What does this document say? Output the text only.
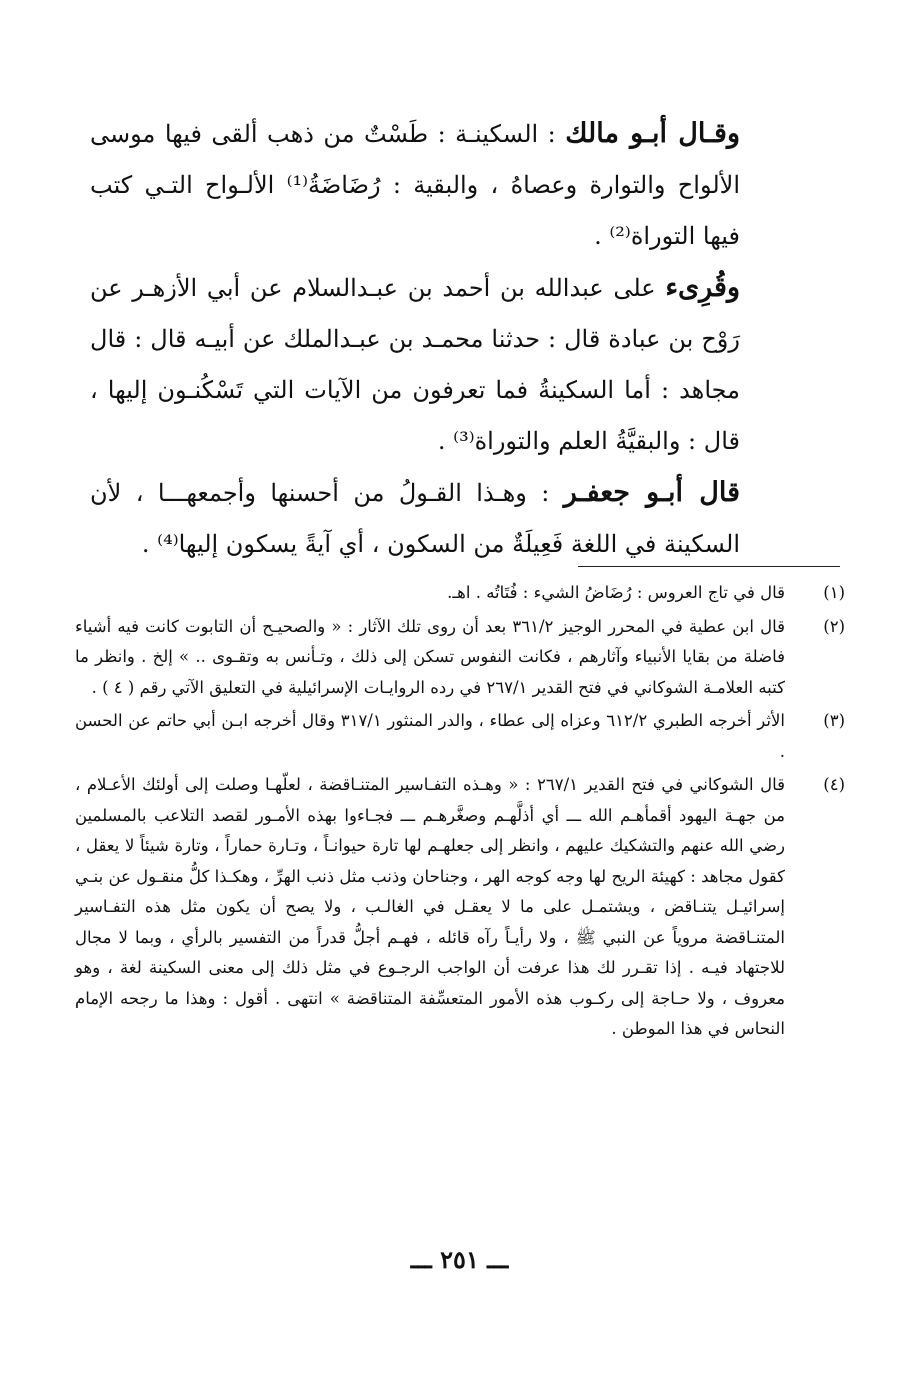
وقـال أبـو مالك : السكينـة : طَسْتٌ من ذهب ألقى فيها موسى الألواح والتوارة وعصاهُ ، والبقية : رُضَاضَةُ⁽¹⁾ الألـواح التـي كتب فيها التوراة⁽²⁾ .

وقُرِىء على عبدالله بن أحمد بن عبـدالسلام عن أبي الأزهـر عن رَوْح بن عبادة قال : حدثنا محمـد بن عبـدالملك عن أبيـه قال : قال مجاهد : أما السكينةُ فما تعرفون من الآيات التي تَسْكُنـون إليها ، قال : والبقيَّةُ العلم والتوراة⁽³⁾ .

قال أبـو جعفـر : وهـذا القـولُ من أحسنها وأجمعهـــا ، لأن السكينة في اللغة فَعِيلَةٌ من السكون ، أي آيةً يسكون إليها⁽⁴⁾ .

(١)
قال في تاج العروس : رُضَاضُ الشيء : فُتَاتُه . اهـ.
(٢)
قال ابن عطية في المحرر الوجيز ٣٦١/٢ بعد أن روى تلك الآثار : « والصحيـح أن التابوت كانت فيه أشياء فاضلة من بقايا الأنبياء وآثارهم ، فكانت النفوس تسكن إلى ذلك ، وتـأنس به وتقـوى .. » إلخ . وانظر ما كتبه العلامـة الشوكاني في فتح القدير ٢٦٧/١ في رده الروايـات الإسرائيلية في التعليق الآتي رقم ( ٤ ) .
(٣)
الأثر أخرجه الطبري ٦١٢/٢ وعزاه إلى عطاء ، والدر المنثور ٣١٧/١ وقال أخرجه ابـن أبي حاتم عن الحسن .
(٤)
قال الشوكاني في فتح القدير ٢٦٧/١ : « وهـذه التفـاسير المتنـاقضة ، لعلّهـا وصلت إلى أولئك الأعـلام ، من جهـة اليهود أقمأهـم الله ـــ أي أذلَّهـم وصغَّرهـم ـــ فجـاءوا بهذه الأمـور لقصد التلاعب بالمسلمين رضي الله عنهم والتشكيك عليهم ، وانظر إلى جعلهـم لها تارة حيوانـاً ، وتـارة حماراً ، وتارة شيئاً لا يعقل ، كقول مجاهد : كهيئة الريح لها وجه كوجه الهر ، وجناحان وذنب مثل ذنب الهرِّ ، وهكـذا كلُّ منقـول عن بنـي إسرائيـل يتنـاقض ، ويشتمـل على ما لا يعقـل في الغالـب ، ولا يصح أن يكون مثل هذه التفـاسير المتنـاقضة مروياً عن النبي ﷺ ، ولا رأيـاً رآه قائله ، فهـم أجلُّ قدراً من التفسير بالرأي ، وبما لا مجال للاجتهاد فيـه . إذا تقـرر لك هذا عرفت أن الواجب الرجـوع في مثل ذلك إلى معنى السكينة لغة ، وهو معروف ، ولا حـاجة إلى ركـوب هذه الأمور المتعسِّفة المتناقضة » انتهى . أقول : وهذا ما رجحه الإمام النحاس في هذا الموطن .
ـــ ٢٥١ ـــ
